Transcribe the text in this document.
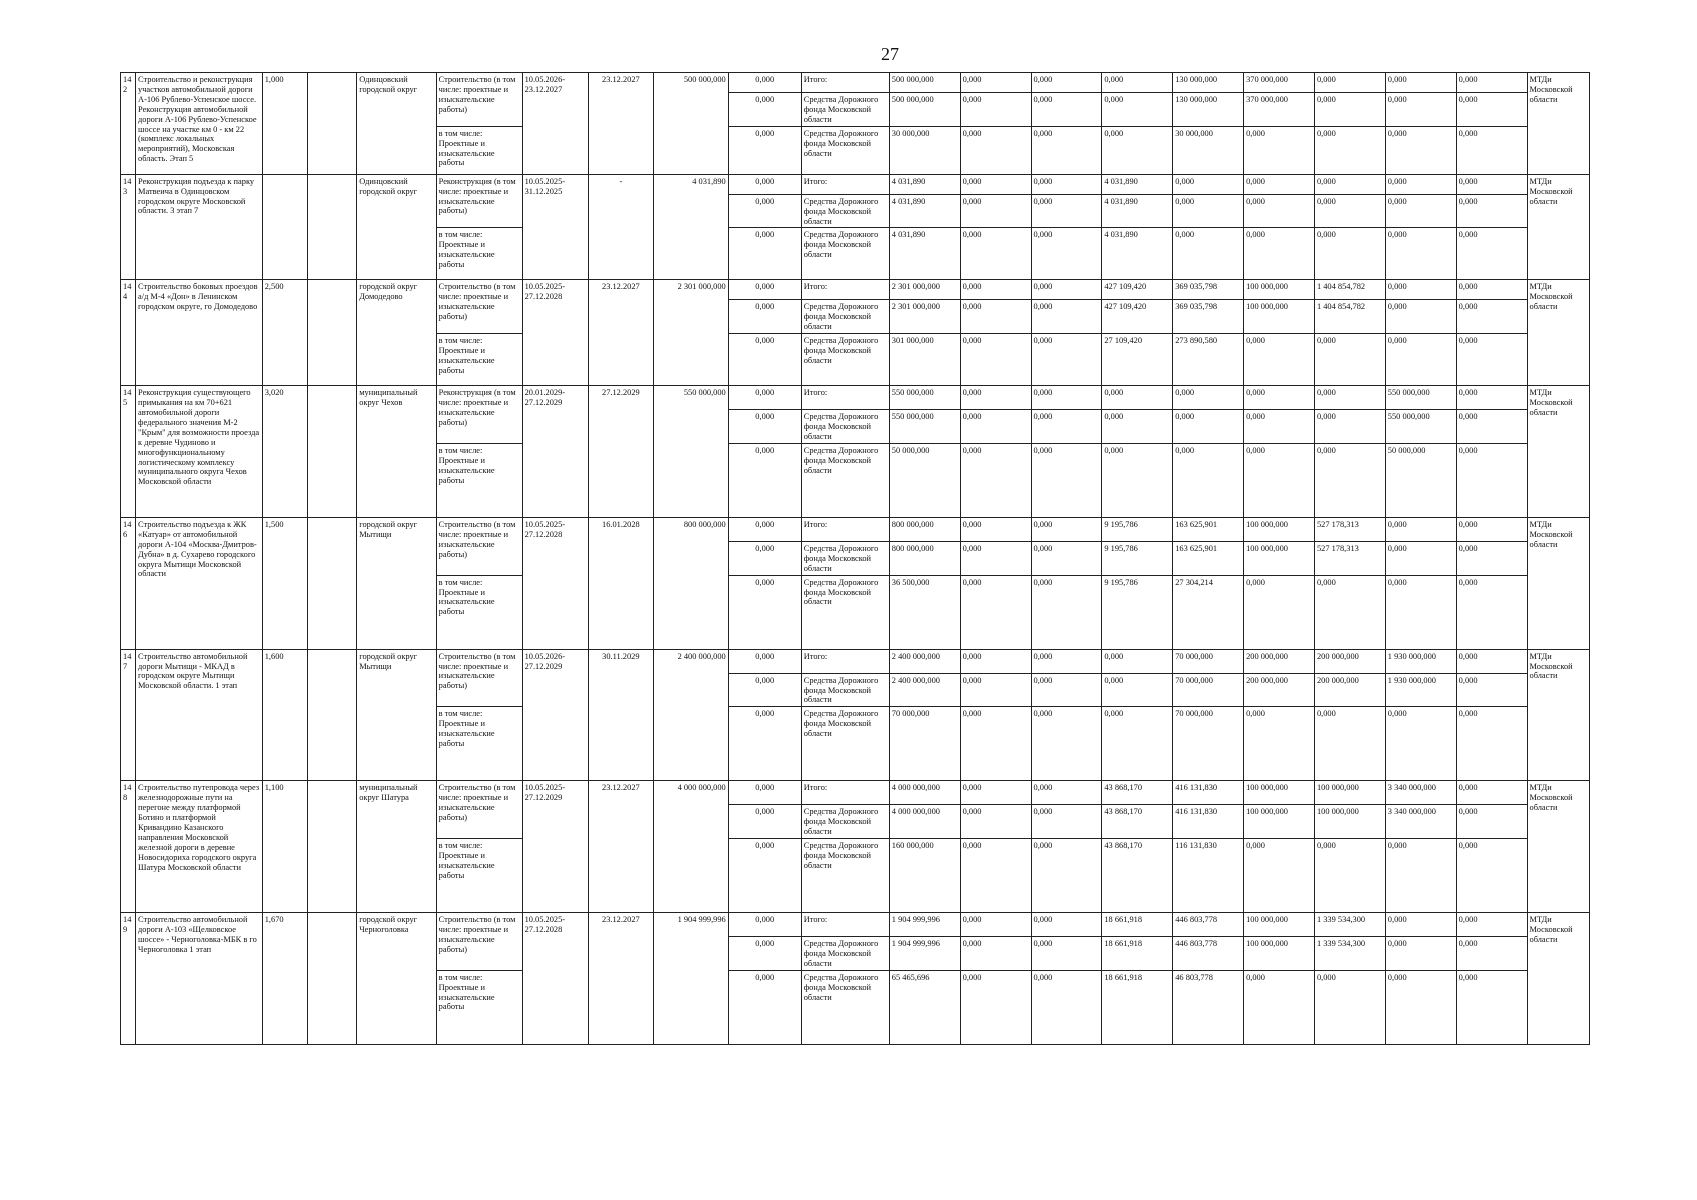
27
142	Строительство и реконструкция участков автомобильной дороги А-106 Рублево-Успенское шоссе. Реконструкция автомобильной дороги А-106 Рублево-Успенское шоссе на участке км 0 - км 22 (комплекс локальных мероприятий), Московская область. Этап 5	1,000		Одинцовский городской округ	Строительство (в том числе: проектные и изыскательские работы)	10.05.2026-23.12.2027	23.12.2027	500 000,000	0,000	Итого:	500 000,000	0,000	0,000	0,000	130 000,000	370 000,000	0,000	0,000	0,000	МТДи Московской области
									0,000	Средства Дорожного фонда Московской области	500 000,000	0,000	0,000	0,000	130 000,000	370 000,000	0,000	0,000	0,000	
					в том числе: Проектные и изыскательские работы				0,000	Средства Дорожного фонда Московской области	30 000,000	0,000	0,000	0,000	30 000,000	0,000	0,000	0,000	0,000	
143	Реконструкция подъезда к парку Матвеича в Одинцовском городском округе Московской области. 3 этап 7			Одинцовский городской округ	Реконструкция (в том числе: проектные и изыскательские работы)	10.05.2025-31.12.2025	-	4 031,890	0,000	Итого:	4 031,890	0,000	0,000	4 031,890	0,000	0,000	0,000	0,000	0,000	МТДи Московской области
									0,000	Средства Дорожного фонда Московской области	4 031,890	0,000	0,000	4 031,890	0,000	0,000	0,000	0,000	0,000	
					в том числе: Проектные и изыскательские работы				0,000	Средства Дорожного фонда Московской области	4 031,890	0,000	0,000	4 031,890	0,000	0,000	0,000	0,000	0,000	
144	Строительство боковых проездов а/д М-4 «Дон» в Ленинском городском округе, го Домодедово	2,500		городской округ Домодедово	Строительство (в том числе: проектные и изыскательские работы)	10.05.2025-27.12.2028	23.12.2027	2 301 000,000	0,000	Итого:	2 301 000,000	0,000	0,000	427 109,420	369 035,798	100 000,000	1 404 854,782	0,000	0,000	МТДи Московской области
									0,000	Средства Дорожного фонда Московской области	2 301 000,000	0,000	0,000	427 109,420	369 035,798	100 000,000	1 404 854,782	0,000	0,000	
					в том числе: Проектные и изыскательские работы				0,000	Средства Дорожного фонда Московской области	301 000,000	0,000	0,000	27 109,420	273 890,580	0,000	0,000	0,000	0,000	
145	Реконструкция существующего примыкания на км 70+621 автомобильной дороги федерального значения М-2 "Крым" для возможности проезда к деревне Чудиново и многофункциональному логистическому комплексу муниципального округа Чехов Московской области	3,020		муниципальный округ Чехов	Реконструкция (в том числе: проектные и изыскательские работы)	20.01.2029-27.12.2029	27.12.2029	550 000,000	0,000	Итого:	550 000,000	0,000	0,000	0,000	0,000	0,000	0,000	550 000,000	0,000	МТДи Московской области
									0,000	Средства Дорожного фонда Московской области	550 000,000	0,000	0,000	0,000	0,000	0,000	0,000	550 000,000	0,000	
					в том числе: Проектные и изыскательские работы				0,000	Средства Дорожного фонда Московской области	50 000,000	0,000	0,000	0,000	0,000	0,000	0,000	50 000,000	0,000	
146	Строительство подъезда к ЖК «Катуар» от автомобильной дороги А-104 «Москва-Дмитров-Дубна» в д. Сухарево городского округа Мытищи Московской области	1,500		городской округ Мытищи	Строительство (в том числе: проектные и изыскательские работы)	10.05.2025-27.12.2028	16.01.2028	800 000,000	0,000	Итого:	800 000,000	0,000	0,000	9 195,786	163 625,901	100 000,000	527 178,313	0,000	0,000	МТДи Московской области
									0,000	Средства Дорожного фонда Московской области	800 000,000	0,000	0,000	9 195,786	163 625,901	100 000,000	527 178,313	0,000	0,000	
					в том числе: Проектные и изыскательские работы				0,000	Средства Дорожного фонда Московской области	36 500,000	0,000	0,000	9 195,786	27 304,214	0,000	0,000	0,000	0,000	
147	Строительство автомобильной дороги Мытищи - МКАД в городском округе Мытищи Московской области. 1 этап	1,600		городской округ Мытищи	Строительство (в том числе: проектные и изыскательские работы)	10.05.2026-27.12.2029	30.11.2029	2 400 000,000	0,000	Итого:	2 400 000,000	0,000	0,000	0,000	70 000,000	200 000,000	200 000,000	1 930 000,000	0,000	МТДи Московской области
									0,000	Средства Дорожного фонда Московской области	2 400 000,000	0,000	0,000	0,000	70 000,000	200 000,000	200 000,000	1 930 000,000	0,000	
					в том числе: Проектные и изыскательские работы				0,000	Средства Дорожного фонда Московской области	70 000,000	0,000	0,000	0,000	70 000,000	0,000	0,000	0,000	0,000	
148	Строительство путепровода через железнодорожные пути на перегоне между платформой Ботино и платформой Кривандино Казанского направления Московской железной дороги в деревне Новосидориха городского округа Шатура Московской области	1,100		муниципальный округ Шатура	Строительство (в том числе: проектные и изыскательские работы)	10.05.2025-27.12.2029	23.12.2027	4 000 000,000	0,000	Итого:	4 000 000,000	0,000	0,000	43 868,170	416 131,830	100 000,000	100 000,000	3 340 000,000	0,000	МТДи Московской области
									0,000	Средства Дорожного фонда Московской области	4 000 000,000	0,000	0,000	43 868,170	416 131,830	100 000,000	100 000,000	3 340 000,000	0,000	
					в том числе: Проектные и изыскательские работы				0,000	Средства Дорожного фонда Московской области	160 000,000	0,000	0,000	43 868,170	116 131,830	0,000	0,000	0,000	0,000	
149	Строительство автомобильной дороги А-103 «Щелковское шоссе» - Черноголовка-МБК в го Черноголовка 1 этап	1,670		городской округ Черноголовка	Строительство (в том числе: проектные и изыскательские работы)	10.05.2025-27.12.2028	23.12.2027	1 904 999,996	0,000	Итого:	1 904 999,996	0,000	0,000	18 661,918	446 803,778	100 000,000	1 339 534,300	0,000	0,000	МТДи Московской области
									0,000	Средства Дорожного фонда Московской области	1 904 999,996	0,000	0,000	18 661,918	446 803,778	100 000,000	1 339 534,300	0,000	0,000	
					в том числе: Проектные и изыскательские работы				0,000	Средства Дорожного фонда Московской области	65 465,696	0,000	0,000	18 661,918	46 803,778	0,000	0,000	0,000	0,000	
